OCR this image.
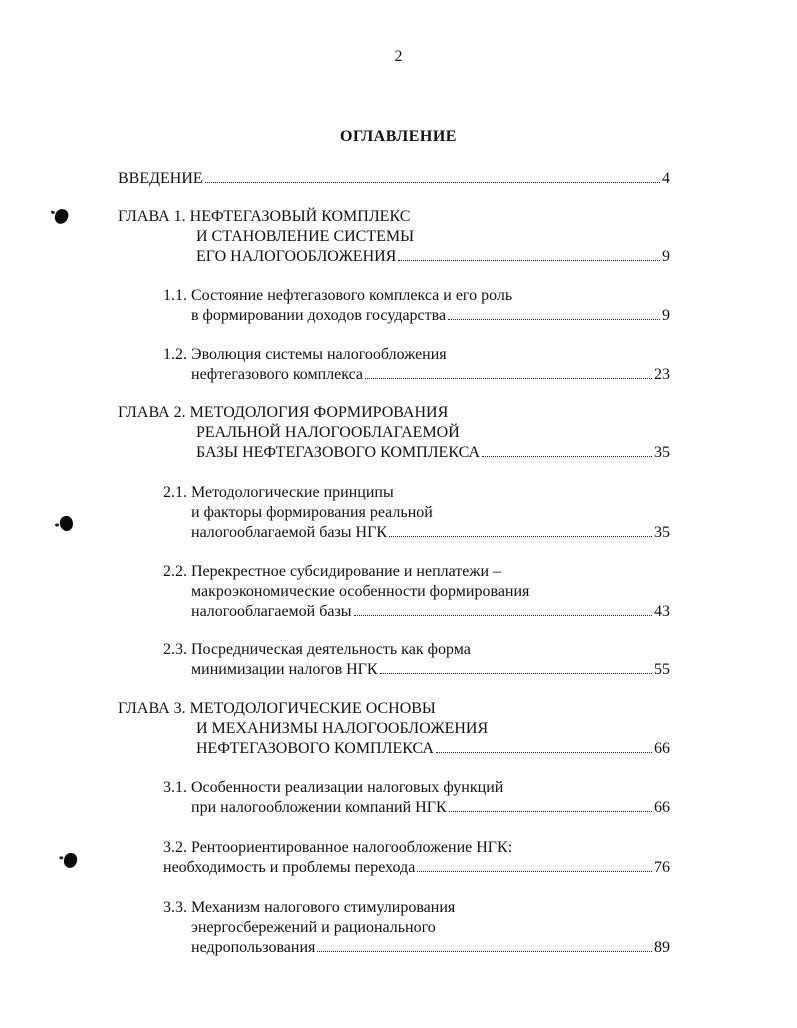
2
ОГЛАВЛЕНИЕ
ВВЕДЕНИЕ	4
ГЛАВА 1. НЕФТЕГАЗОВЫЙ КОМПЛЕКС
И СТАНОВЛЕНИЕ СИСТЕМЫ
ЕГО НАЛОГООБЛОЖЕНИЯ	9
1.1. Состояние нефтегазового комплекса и его роль
в формировании доходов государства	9
1.2. Эволюция системы налогообложения
нефтегазового комплекса	23
ГЛАВА 2. МЕТОДОЛОГИЯ ФОРМИРОВАНИЯ
РЕАЛЬНОЙ НАЛОГООБЛАГАЕМОЙ
БАЗЫ НЕФТЕГАЗОВОГО КОМПЛЕКСА	35
2.1. Методологические принципы
и факторы формирования реальной
налогооблагаемой базы НГК	35
2.2. Перекрестное субсидирование и неплатежи –
макроэкономические особенности формирования
налогооблагаемой базы	43
2.3. Посредническая деятельность как форма
минимизации налогов НГК	55
ГЛАВА 3. МЕТОДОЛОГИЧЕСКИЕ ОСНОВЫ
И МЕХАНИЗМЫ НАЛОГООБЛОЖЕНИЯ
НЕФТЕГАЗОВОГО КОМПЛЕКСА	66
3.1. Особенности реализации налоговых функций
при налогообложении компаний НГК	66
3.2. Рентоориентированное налогообложение НГК:
необходимость и проблемы перехода	76
3.3. Механизм налогового стимулирования
энергосбережений и рационального
недропользования	89
